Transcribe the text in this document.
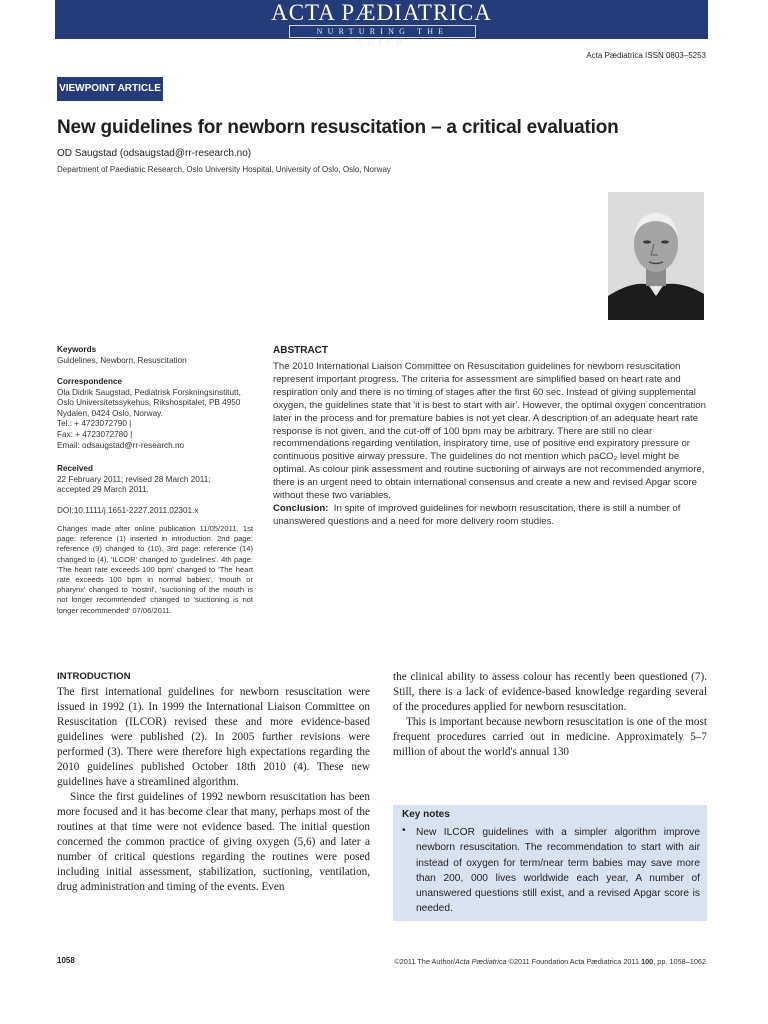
ACTA PÆDIATRICA
NURTURING THE CHILD
Acta Pædiatrica ISSN 0803–5253
VIEWPOINT ARTICLE
New guidelines for newborn resuscitation – a critical evaluation
OD Saugstad (odsaugstad@rr-research.no)
Department of Paediatric Research, Oslo University Hospital, University of Oslo, Oslo, Norway
Keywords
Guidelines, Newborn, Resuscitation
Correspondence
Ola Didrik Saugstad, Pediatrisk Forskningsinstitutt,
Oslo Universitetssykehus, Rikshospitalet, PB 4950
Nydalen, 0424 Oslo, Norway.
Tel.: + 4723072790 |
Fax: + 4723072780 |
Email: odsaugstad@rr-research.no
Received
22 February 2011; revised 28 March 2011;
accepted 29 March 2011.
DOI:10.1111/j.1651-2227.2011.02301.x
Changes made after online publication 11/05/2011. 1st page: reference (1) inserted in introduction. 2nd page: reference (9) changed to (10). 3rd page: reference (14) changed to (4), 'ILCOR' changed to 'guidelines'. 4th page: 'The heart rate exceeds 100 bpm' changed to 'The heart rate exceeds 100 bpm in normal babies', 'mouth or pharynx' changed to 'nostril', 'suctioning of the mouth is not longer recommended' changed to 'suctioning is not longer recommended' 07/06/2011.
ABSTRACT
The 2010 International Liaison Committee on Resuscitation guidelines for newborn resuscitation represent important progress. The criteria for assessment are simplified based on heart rate and respiration only and there is no timing of stages after the first 60 sec. Instead of giving supplemental oxygen, the guidelines state that 'it is best to start with air'. However, the optimal oxygen concentration later in the process and for premature babies is not yet clear. A description of an adequate heart rate response is not given, and the cut-off of 100 bpm may be arbitrary. There are still no clear recommendations regarding ventilation, inspiratory time, use of positive end expiratory pressure or continuous positive airway pressure. The guidelines do not mention which paCO₂ level might be optimal. As colour pink assessment and routine suctioning of airways are not recommended anymore, there is an urgent need to obtain international consensus and create a new and revised Apgar score without these two variables.
Conclusion: In spite of improved guidelines for newborn resuscitation, there is still a number of unanswered questions and a need for more delivery room studies.
INTRODUCTION

The first international guidelines for newborn resuscitation were issued in 1992 (1). In 1999 the International Liaison Committee on Resuscitation (ILCOR) revised these and more evidence-based guidelines were published (2). In 2005 further revisions were performed (3). There were therefore high expectations regarding the 2010 guidelines published October 18th 2010 (4). These new guidelines have a streamlined algorithm.

Since the first guidelines of 1992 newborn resuscitation has been more focused and it has become clear that many, perhaps most of the routines at that time were not evidence based. The initial question concerned the common practice of giving oxygen (5,6) and later a number of critical questions regarding the routines were posed including initial assessment, stabilization, suctioning, ventilation, drug administration and timing of the events. Even

the clinical ability to assess colour has recently been questioned (7). Still, there is a lack of evidence-based knowledge regarding several of the procedures applied for newborn resuscitation.

This is important because newborn resuscitation is one of the most frequent procedures carried out in medicine. Approximately 5–7 million of about the world's annual 130

Key notes
• New ILCOR guidelines with a simpler algorithm improve newborn resuscitation. The recommendation to start with air instead of oxygen for term/near term babies may save more than 200, 000 lives worldwide each year, A number of unanswered questions still exist, and a revised Apgar score is needed.
1058	©2011 The Author/Acta Pædiatrica ©2011 Foundation Acta Pædiatrica 2011 100, pp. 1058–1062
